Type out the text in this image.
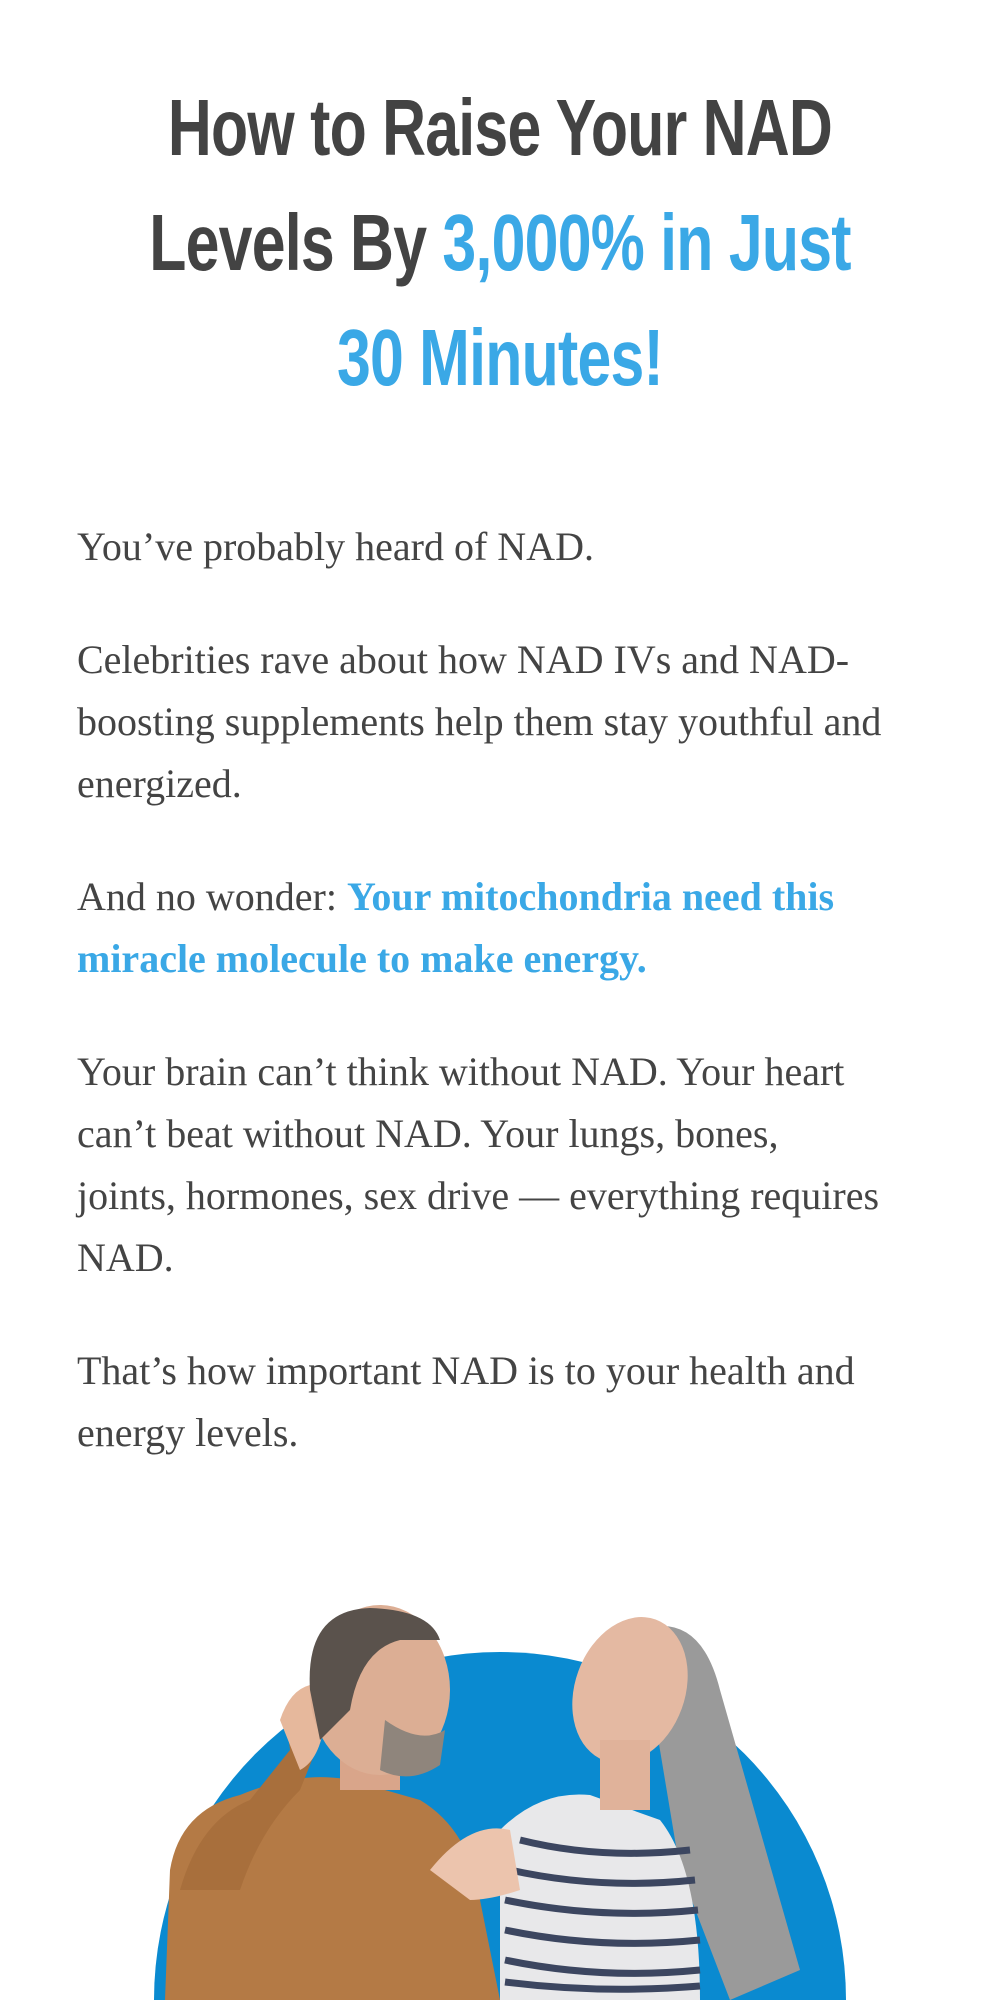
How to Raise Your NAD
Levels By 3,000% in Just
30 Minutes!

You’ve probably heard of NAD.

Celebrities rave about how NAD IVs and NAD-boosting supplements help them stay youthful and energized.

And no wonder: Your mitochondria need this miracle molecule to make energy.

Your brain can’t think without NAD. Your heart can’t beat without NAD. Your lungs, bones, joints, hormones, sex drive — everything requires NAD.

That’s how important NAD is to your health and energy levels.
